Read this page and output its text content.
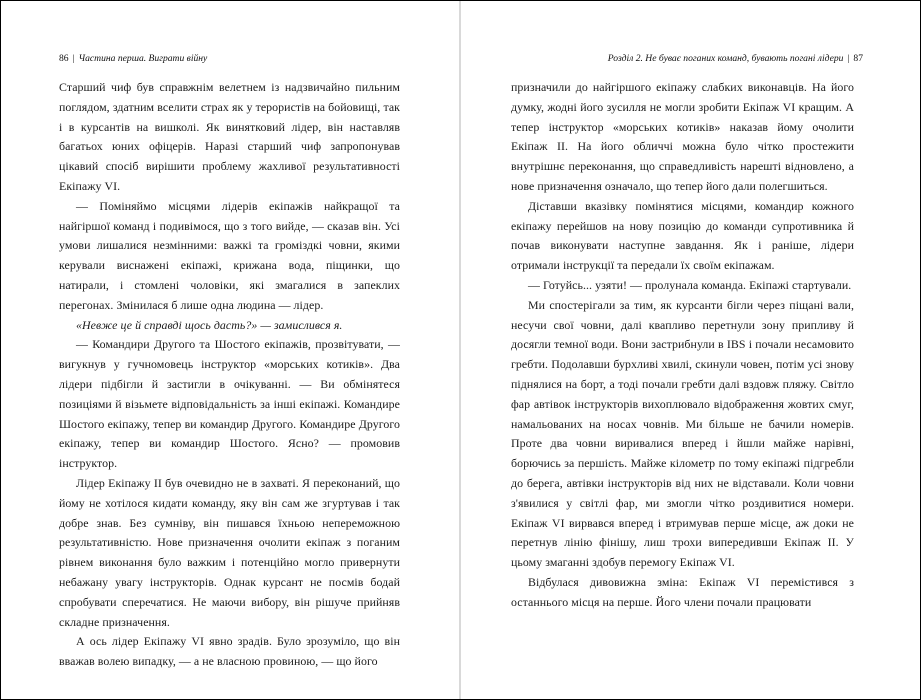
86 | Частина перша. Виграти війну

Старший чиф був справжнім велетнем із надзвичайно пильним поглядом, здатним вселити страх як у терористів на бойовищі, так і в курсантів на вишколі. Як винятковий лідер, він наставляв багатьох юних офіцерів. Наразі старший чиф запропонував цікавий спосіб вирішити проблему жахливої результативності Екіпажу VI.

— Поміняймо місцями лідерів екіпажів найкращої та найгіршої команд і подивімося, що з того вийде, — сказав він. Усі умови лишалися незмінними: важкі та громіздкі човни, якими керували виснажені екіпажі, крижана вода, піщинки, що натирали, і стомлені чоловіки, які змагалися в запеклих перегонах. Змінилася б лише одна людина — лідер.

«Невже це й справді щось дасть?» — замислився я.

— Командири Другого та Шостого екіпажів, прозвітувати, — вигукнув у гучномовець інструктор «морських котиків». Два лідери підбігли й застигли в очікуванні. — Ви обмінятеся позиціями й візьмете відповідальність за інші екіпажі. Командире Шостого екіпажу, тепер ви командир Другого. Командире Другого екіпажу, тепер ви командир Шостого. Ясно? — промовив інструктор.

Лідер Екіпажу II був очевидно не в захваті. Я переконаний, що йому не хотілося кидати команду, яку він сам же згуртував і так добре знав. Без сумніву, він пишався їхньою непереможною результативністю. Нове призначення очолити екіпаж з поганим рівнем виконання було важким і потенційно могло привернути небажану увагу інструкторів. Однак курсант не посмів бодай спробувати сперечатися. Не маючи вибору, він рішуче прийняв складне призначення.

А ось лідер Екіпажу VI явно зрадів. Було зрозуміло, що він вважав волею випадку, — а не власною провиною, — що його

Розділ 2. Не буває поганих команд, бувають погані лідери | 87

призначили до найгіршого екіпажу слабких виконавців. На його думку, жодні його зусилля не могли зробити Екіпаж VI кращим. А тепер інструктор «морських котиків» наказав йому очолити Екіпаж II. На його обличчі можна було чітко простежити внутрішнє переконання, що справедливість нарешті відновлено, а нове призначення означало, що тепер його дали полегшиться.

Діставши вказівку помінятися місцями, командир кожного екіпажу перейшов на нову позицію до команди супротивника й почав виконувати наступне завдання. Як і раніше, лідери отримали інструкції та передали їх своїм екіпажам.

— Готуйсь... узяти! — пролунала команда. Екіпажі стартували.

Ми спостерігали за тим, як курсанти бігли через піщані вали, несучи свої човни, далі квапливо перетнули зону припливу й досягли темної води. Вони застрибнули в IBS і почали несамовито гребти. Подолавши бурхливі хвилі, скинули човен, потім усі знову піднялися на борт, а тоді почали гребти далі вздовж пляжу. Світло фар автівок інструкторів вихоплювало відображення жовтих смуг, намальованих на носах човнів. Ми більше не бачили номерів. Проте два човни виривалися вперед і йшли майже нарівні, борючись за першість. Майже кілометр по тому екіпажі підгребли до берега, автівки інструкторів від них не відставали. Коли човни з'явилися у світлі фар, ми змогли чітко роздивитися номери. Екіпаж VI вирвався вперед і втримував перше місце, аж доки не перетнув лінію фінішу, лиш трохи випередивши Екіпаж II. У цьому змаганні здобув перемогу Екіпаж VI.

Відбулася дивовижна зміна: Екіпаж VI перемістився з останнього місця на перше. Його члени почали працювати
